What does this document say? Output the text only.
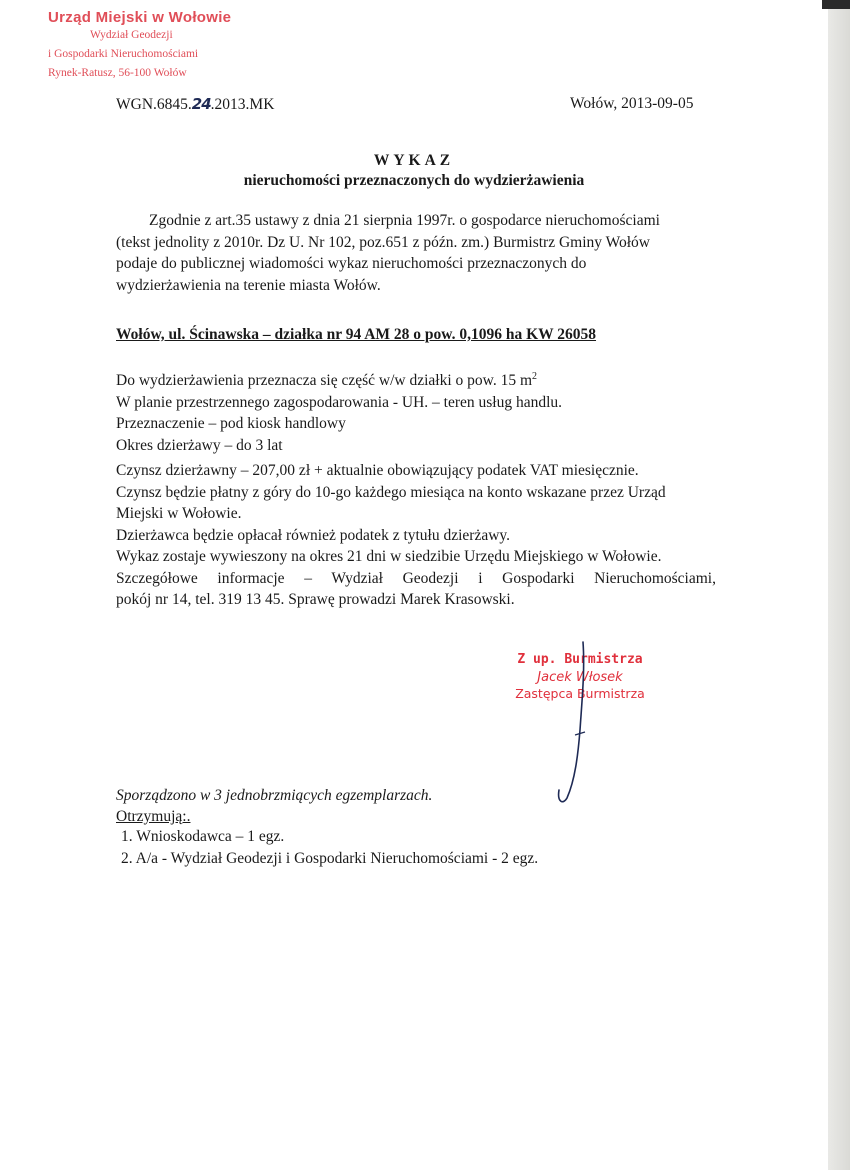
Urząd Miejski w Wołowie
Wydział Geodezji
i Gospodarki Nieruchomościami
Rynek-Ratusz, 56-100 Wołów
WGN.6845.24.2013.MK	Wołów, 2013-09-05
WYKAZ
nieruchomości przeznaczonych do wydzierżawienia
Zgodnie z art.35 ustawy z dnia 21 sierpnia 1997r. o gospodarce nieruchomościami
(tekst jednolity z 2010r. Dz U. Nr 102, poz.651 z późn. zm.) Burmistrz Gminy Wołów
podaje do publicznej wiadomości wykaz nieruchomości przeznaczonych do
wydzierżawienia na terenie miasta Wołów.
Wołów, ul. Ścinawska – działka nr 94 AM 28 o pow. 0,1096 ha KW 26058
Do wydzierżawienia przeznacza się część w/w działki o pow. 15 $m^2$
W planie przestrzennego zagospodarowania - UH. – teren usług handlu.
Przeznaczenie – pod kiosk handlowy
Okres dzierżawy – do 3 lat
Czynsz dzierżawny – 207,00 zł + aktualnie obowiązujący podatek VAT miesięcznie.
Czynsz będzie płatny z góry do 10-go każdego miesiąca na konto wskazane przez Urząd
Miejski w Wołowie.
Dzierżawca będzie opłacał również podatek z tytułu dzierżawy.
Wykaz zostaje wywieszony na okres 21 dni w siedzibie Urzędu Miejskiego w Wołowie.
Szczegółowe informacje – Wydział Geodezji i Gospodarki Nieruchomościami,
pokój nr 14, tel. 319 13 45. Sprawę prowadzi Marek Krasowski.
Z up. Burmistrza
Jacek Włosek
Zastępca Burmistrza
Sporządzono w 3 jednobrzmiących egzemplarzach.
Otrzymują:.
1. Wnioskodawca – 1 egz.
2. A/a - Wydział Geodezji i Gospodarki Nieruchomościami - 2 egz.
